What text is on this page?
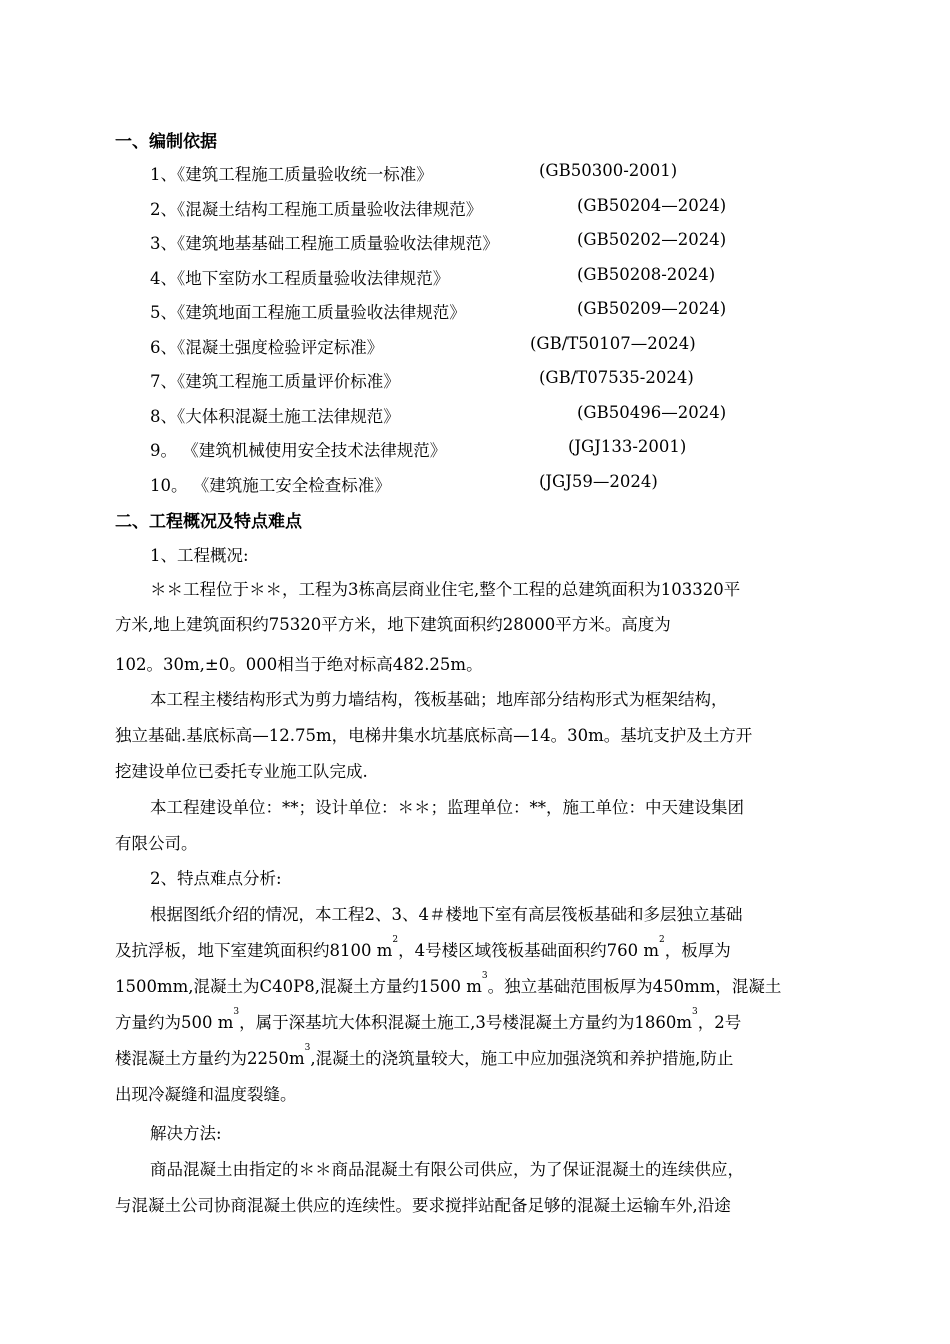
一、编制依据
1、《建筑工程施工质量验收统一标准》	(GB50300-2001)
2、《混凝土结构工程施工质量验收法律规范》	(GB50204—2024)
3、《建筑地基基础工程施工质量验收法律规范》	(GB50202—2024)
4、《地下室防水工程质量验收法律规范》	(GB50208-2024)
5、《建筑地面工程施工质量验收法律规范》	(GB50209—2024)
6、《混凝土强度检验评定标准》	(GB/T50107—2024)
7、《建筑工程施工质量评价标准》	(GB/T07535-2024)
8、《大体积混凝土施工法律规范》	(GB50496—2024)
9。 《建筑机械使用安全技术法律规范》	(JGJ133-2001)
10。 《建筑施工安全检查标准》	(JGJ59—2024)
二、工程概况及特点难点
1、工程概况:
＊＊工程位于＊＊，工程为3栋高层商业住宅,整个工程的总建筑面积为103320平
方米,地上建筑面积约75320平方米，地下建筑面积约28000平方米。高度为
102。30m,±0。000相当于绝对标高482.25m。
本工程主楼结构形式为剪力墙结构，筏板基础；地库部分结构形式为框架结构，
独立基础.基底标高—12.75m，电梯井集水坑基底标高—14。30m。基坑支护及土方开
挖建设单位已委托专业施工队完成.
本工程建设单位：**；设计单位：＊＊；监理单位：**，施工单位：中天建设集团
有限公司。
2、特点难点分析:
根据图纸介绍的情况，本工程2、3、4＃楼地下室有高层筏板基础和多层独立基础
及抗浮板，地下室建筑面积约8100 $m^2$，4号楼区域筏板基础面积约760 $m^2$，板厚为
1500mm,混凝土为C40P8,混凝土方量约1500 $m^3$。独立基础范围板厚为450mm，混凝土
方量约为500 $m^3$，属于深基坑大体积混凝土施工,3号楼混凝土方量约为$1860m^3$，2号
楼混凝土方量约为$2250m^3$,混凝土的浇筑量较大，施工中应加强浇筑和养护措施,防止
出现冷凝缝和温度裂缝。
解决方法:
商品混凝土由指定的＊＊商品混凝土有限公司供应，为了保证混凝土的连续供应，
与混凝土公司协商混凝土供应的连续性。要求搅拌站配备足够的混凝土运输车外,沿途
